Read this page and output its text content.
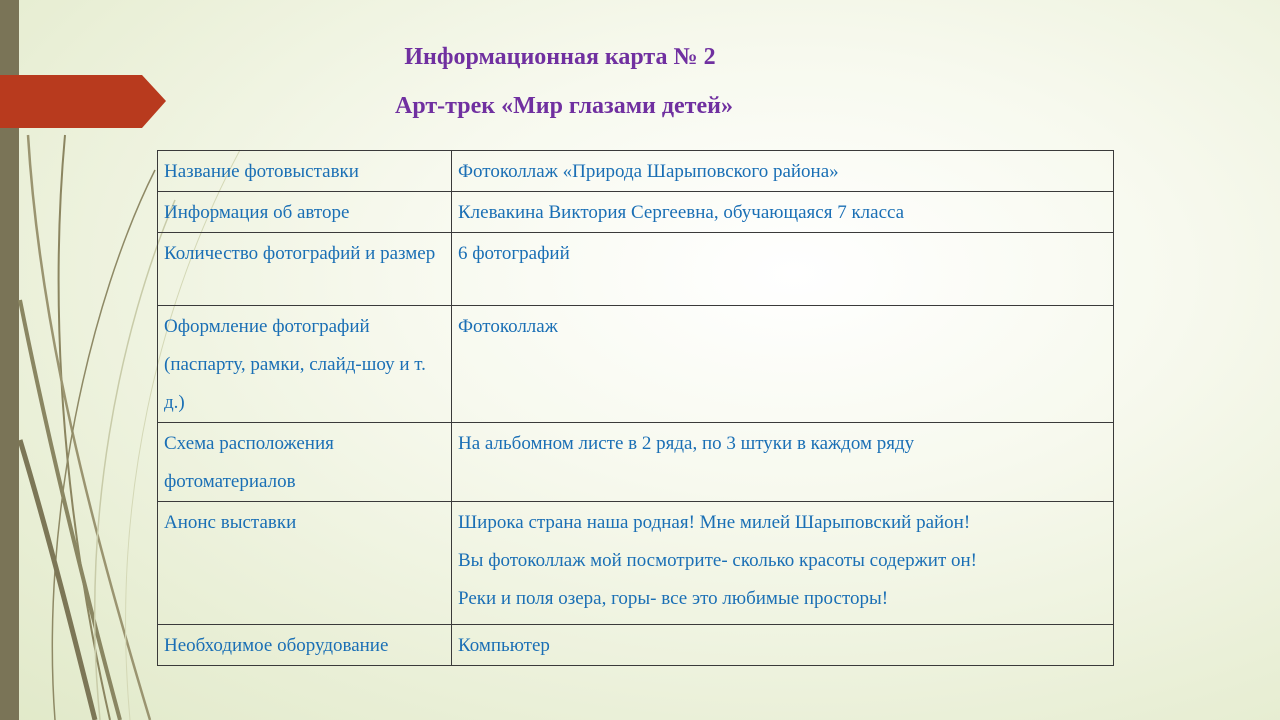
Информационная карта № 2
Арт-трек «Мир глазами детей»
Название фотовыставки	Фотоколлаж «Природа Шарыповского района»
Информация об авторе	Клевакина Виктория Сергеевна, обучающаяся 7 класса
Количество фотографий и размер	6 фотографий
Оформление фотографий (паспарту, рамки, слайд-шоу и т. д.)	Фотоколлаж
Схема расположения фотоматериалов	На альбомном листе в 2 ряда, по 3 штуки в каждом ряду
Анонс выставки	Широка страна наша родная! Мне милей Шарыповский район!
Вы фотоколлаж мой посмотрите- сколько красоты содержит он!
Реки и поля озера, горы- все это любимые просторы!

Необходимое оборудование	Компьютер
